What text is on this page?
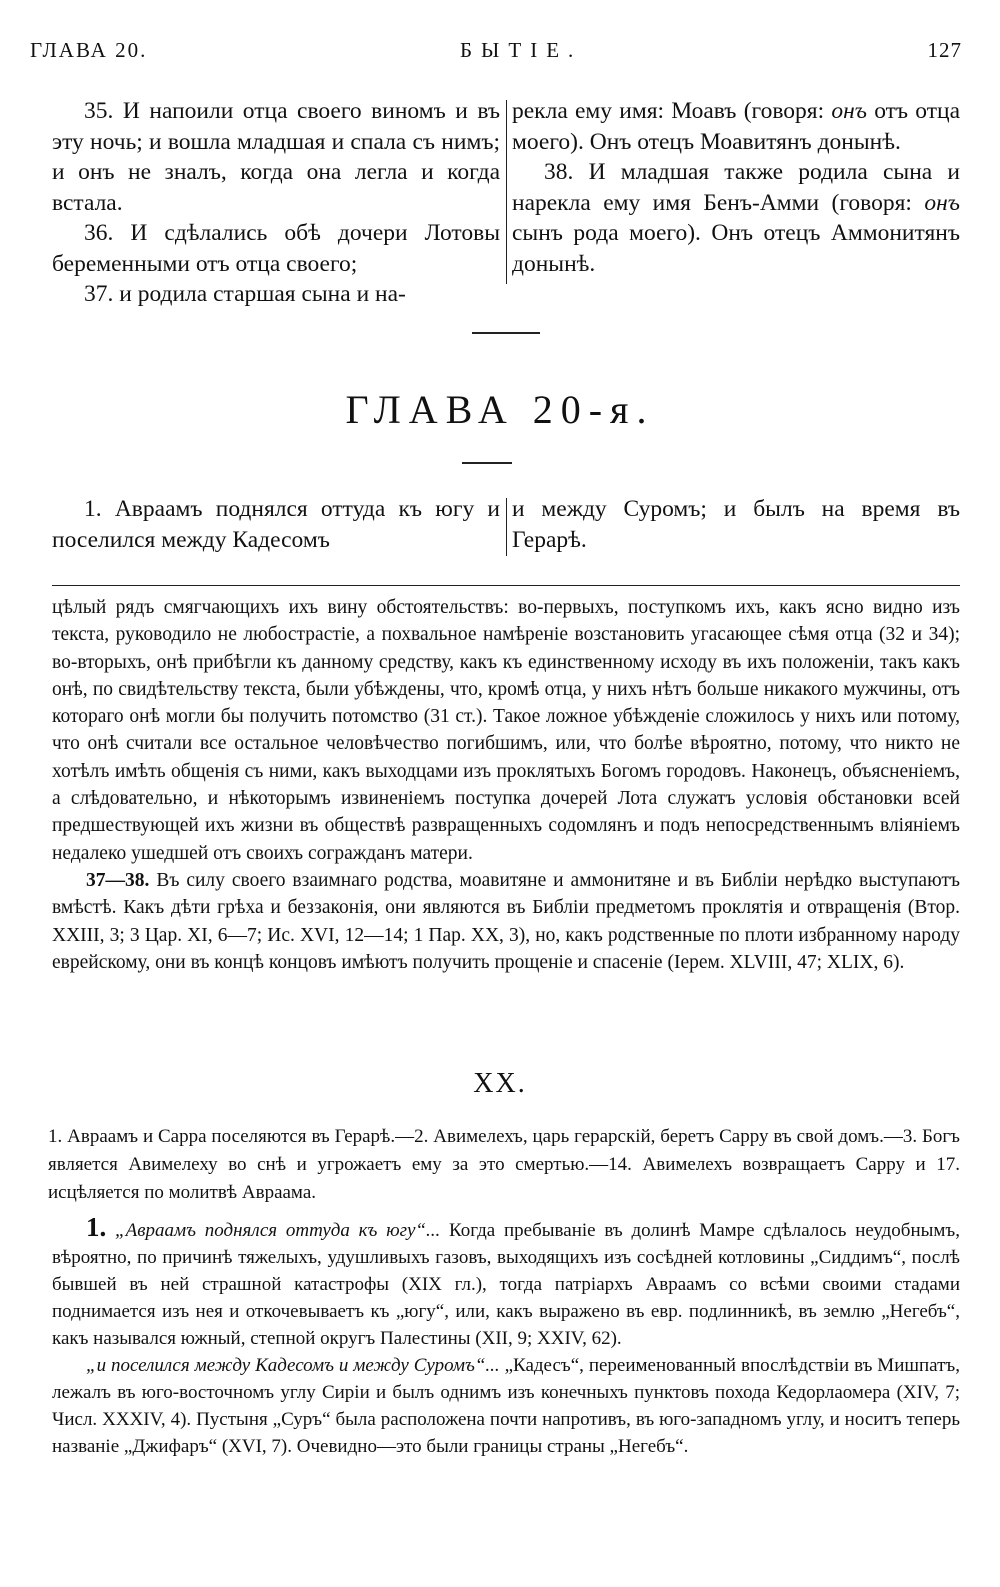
ГЛАВА 20.	БЫТІЕ.	127

35. И напоили отца своего виномъ и въ эту ночь; и вошла младшая и спала съ нимъ; и онъ не зналъ, когда она легла и когда встала.

36. И сдѣлались обѣ дочери Лотовы беременными отъ отца своего;

37. и родила старшая сына и на-

рекла ему имя: Моавъ (говоря: онъ отъ отца моего). Онъ отецъ Моавитянъ донынѣ.

38. И младшая также родила сына и нарекла ему имя Бенъ-Амми (говоря: онъ сынъ рода моего). Онъ отецъ Аммонитянъ донынѣ.

ГЛАВА 20-я.
1. Авраамъ поднялся оттуда къ югу и поселился между Кадесомъ
и между Суромъ; и былъ на время въ Герарѣ.

цѣлый рядъ смягчающихъ ихъ вину обстоятельствъ: во-первыхъ, поступкомъ ихъ, какъ ясно видно изъ текста, руководило не любострастіе, а похвальное намѣреніе возстановить угасающее сѣмя отца (32 и 34); во-вторыхъ, онѣ прибѣгли къ данному средству, какъ къ единственному исходу въ ихъ положеніи, такъ какъ онѣ, по свидѣтельству текста, были убѣждены, что, кромѣ отца, у нихъ нѣтъ больше никакого мужчины, отъ котораго онѣ могли бы получить потомство (31 ст.). Такое ложное убѣжденіе сложилось у нихъ или потому, что онѣ считали все остальное человѣчество погибшимъ, или, что болѣе вѣроятно, потому, что никто не хотѣлъ имѣть общенія съ ними, какъ выходцами изъ проклятыхъ Богомъ городовъ. Наконецъ, объясненіемъ, а слѣдовательно, и нѣкоторымъ извиненіемъ поступка дочерей Лота служатъ условія обстановки всей предшествующей ихъ жизни въ обществѣ развращенныхъ содомлянъ и подъ непосредственнымъ вліяніемъ недалеко ушедшей отъ своихъ согражданъ матери.

37—38. Въ силу своего взаимнаго родства, моавитяне и аммонитяне и въ Библіи нерѣдко выступаютъ вмѣстѣ. Какъ дѣти грѣха и беззаконія, они являются въ Библіи предметомъ проклятія и отвращенія (Втор. XXIII, 3; 3 Цар. XI, 6—7; Ис. XVI, 12—14; 1 Пар. XX, 3), но, какъ родственные по плоти избранному народу еврейскому, они въ концѣ концовъ имѣютъ получить прощеніе и спасеніе (Іерем. XLVIII, 47; XLIX, 6).

XX.

1. Авраамъ и Сарра поселяются въ Герарѣ.—2. Авимелехъ, царь герарскій, беретъ Сарру въ свой домъ.—3. Богъ является Авимелеху во снѣ и угрожаетъ ему за это смертью.—14. Авимелехъ возвращаетъ Сарру и 17. исцѣляется по молитвѣ Авраама.

1. „Авраамъ поднялся оттуда къ югу“... Когда пребываніе въ долинѣ Мамре сдѣлалось неудобнымъ, вѣроятно, по причинѣ тяжелыхъ, удушливыхъ газовъ, выходящихъ изъ сосѣдней котловины „Сиддимъ“, послѣ бывшей въ ней страшной катастрофы (XIX гл.), тогда патріархъ Авраамъ со всѣми своими стадами поднимается изъ нея и откочевываетъ къ „югу“, или, какъ выражено въ евр. подлинникѣ, въ землю „Негебъ“, какъ назывался южный, степной округъ Палестины (XII, 9; XXIV, 62).

„и поселился между Кадесомъ и между Суромъ“... „Кадесъ“, переименованный впослѣдствіи въ Мишпатъ, лежалъ въ юго-восточномъ углу Сиріи и былъ однимъ изъ конечныхъ пунктовъ похода Кедорлаомера (XIV, 7; Числ. XXXIV, 4). Пустыня „Суръ“ была расположена почти напротивъ, въ юго-западномъ углу, и носитъ теперь названіе „Джифаръ“ (XVI, 7). Очевидно—это были границы страны „Негебъ“.
